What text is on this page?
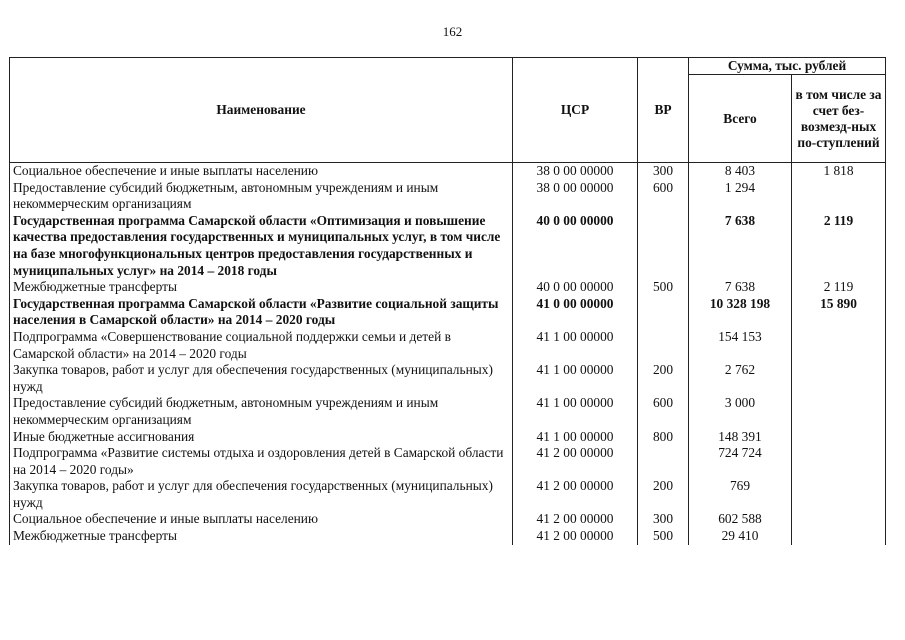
162
Наименование	ЦСР	ВР	Сумма, тыс. рублей	
			Всего	в том числе за счет без-возмезд-ных по-ступлений
Социальное обеспечение и иные выплаты населению	38 0 00 00000	300	8 403	1 818
Предоставление субсидий бюджетным, автономным учреждениям и иным некоммерческим организациям	38 0 00 00000	600	1 294	
Государственная программа Самарской области «Оптимизация и повышение качества предоставления государственных и муниципальных услуг, в том числе на базе многофункциональных центров предоставления государственных и муниципальных услуг» на 2014 – 2018 годы	40 0 00 00000		7 638	2 119
Межбюджетные трансферты	40 0 00 00000	500	7 638	2 119
Государственная программа Самарской области «Развитие социальной защиты населения в Самарской области» на 2014 – 2020 годы	41 0 00 00000		10 328 198	15 890
Подпрограмма «Совершенствование социальной поддержки семьи и детей в Самарской области» на 2014 – 2020 годы	41 1 00 00000		154 153	
Закупка товаров, работ и услуг для обеспечения государственных (муниципальных) нужд	41 1 00 00000	200	2 762	
Предоставление субсидий бюджетным, автономным учреждениям и иным некоммерческим организациям	41 1 00 00000	600	3 000	
Иные бюджетные ассигнования	41 1 00 00000	800	148 391	
Подпрограмма «Развитие системы отдыха и оздоровления детей в Самарской области на 2014 – 2020 годы»	41 2 00 00000		724 724	
Закупка товаров, работ и услуг для обеспечения государственных (муниципальных) нужд	41 2 00 00000	200	769	
Социальное обеспечение и иные выплаты населению	41 2 00 00000	300	602 588	
Межбюджетные трансферты	41 2 00 00000	500	29 410	
